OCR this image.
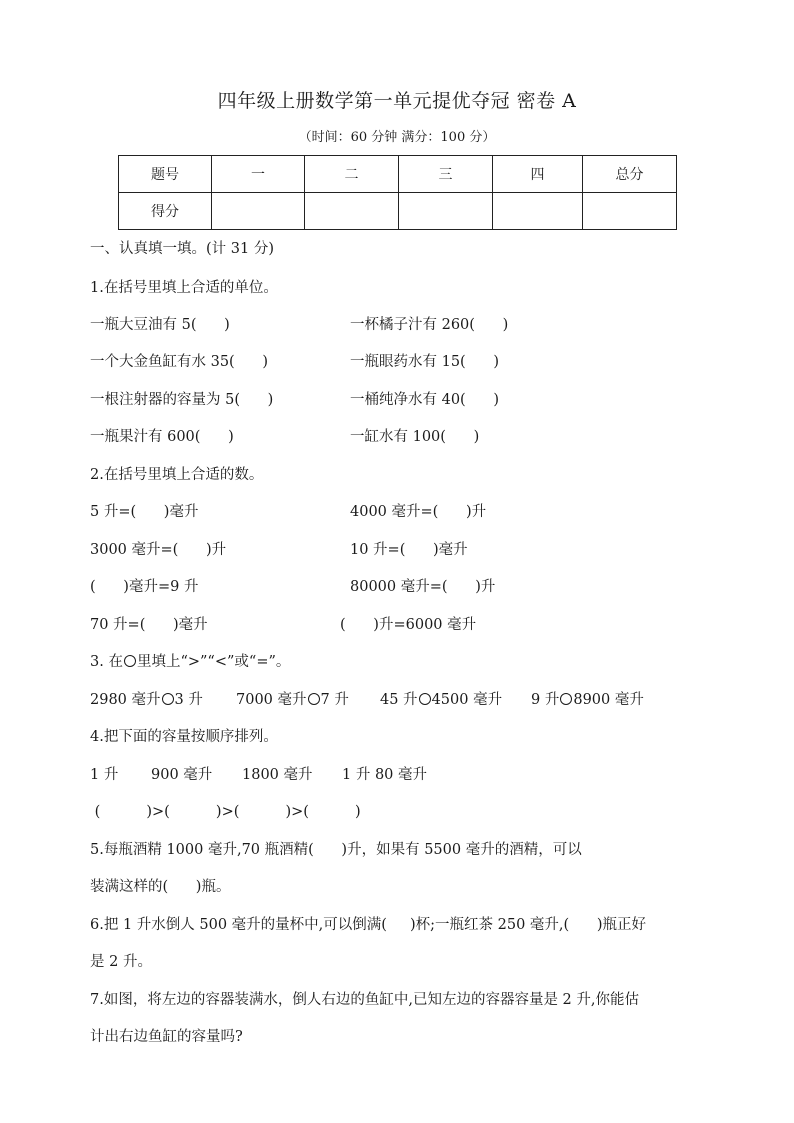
四年级上册数学第一单元提优夺冠 密卷 A
（时间：60 分钟 满分：100 分）
题号	一	二	三	四	总分
得分					
一、认真填一填。(计 31 分)
1.在括号里填上合适的单位。
一瓶大豆油有 5(      )	一杯橘子汁有 260(      )
一个大金鱼缸有水 35(      )	一瓶眼药水有 15(      )
一根注射器的容量为 5(      )	一桶纯净水有 40(      )
一瓶果汁有 600(      )	一缸水有 100(      )
2.在括号里填上合适的数。
5 升=(      )毫升	4000 毫升=(      )升
3000 毫升=(      )升	10 升=(      )毫升
(      )毫升=9 升	80000 毫升=(      )升
70 升=(      )毫升	(      )升=6000 毫升
3. 在 里填上“>”“<”或“=”。
2980 毫升 3 升 7000 毫升 7 升 45 升 4500 毫升 9 升 8900 毫升
4.把下面的容量按顺序排列。
1 升 900 毫升 1800 毫升 1 升 80 毫升
(          )>(          )>(          )>(          )
5.每瓶酒精 1000 毫升,70 瓶酒精(      )升，如果有 5500 毫升的酒精，可以
装满这样的(      )瓶。
6.把 1 升水倒人 500 毫升的量杯中,可以倒满(     )杯;一瓶红茶 250 毫升,(      )瓶正好
是 2 升。
7.如图，将左边的容器装满水，倒人右边的鱼缸中,已知左边的容器容量是 2 升,你能估
计出右边鱼缸的容量吗?
